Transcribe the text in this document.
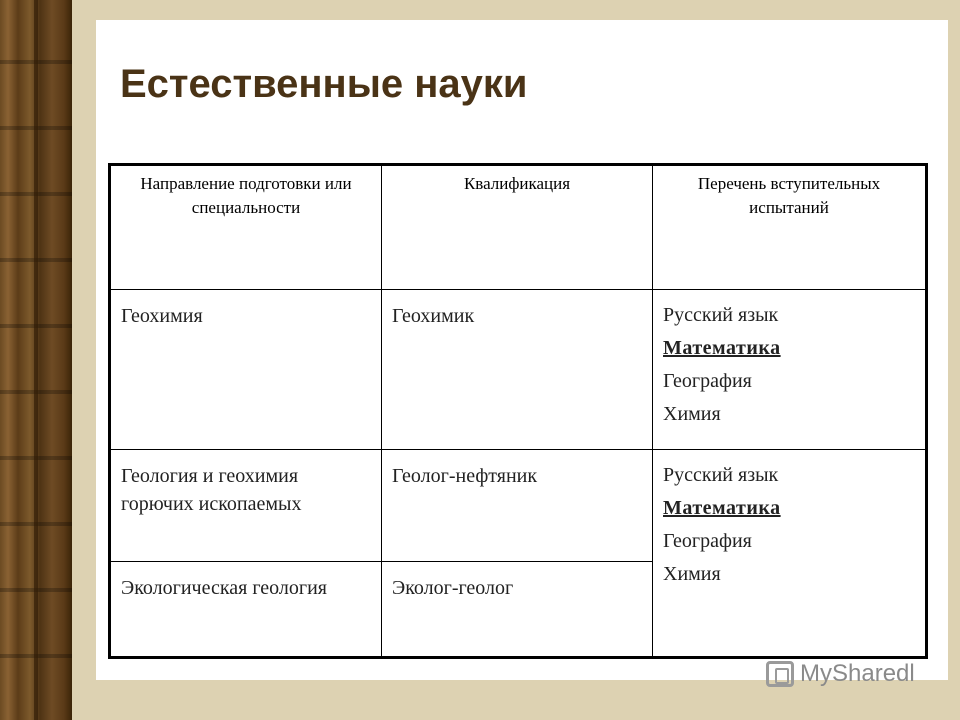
Естественные науки
Направление подготовки или специальности	Квалификация	Перечень вступительных испытаний
Геохимия	Геохимик	Русский язык
Математика
География
Химия

Геология и геохимия горючих ископаемых	Геолог-нефтяник	Русский язык
Математика
География
Химия

Экологическая геология	Эколог-геолог	
MySharedl
